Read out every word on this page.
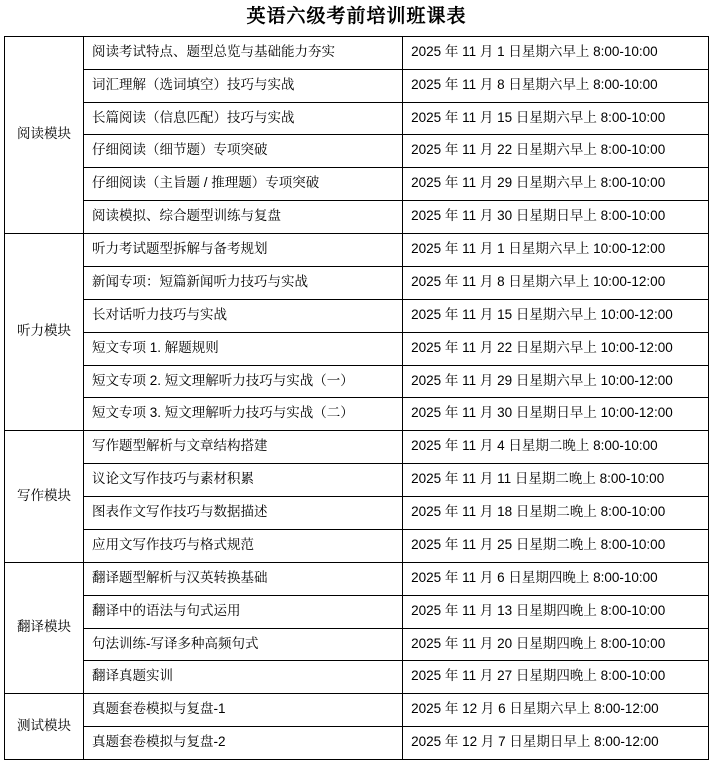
英语六级考前培训班课表
阅读模块	阅读考试特点、题型总览与基础能力夯实	2025 年 11 月 1 日星期六早上 8:00-10:00
	词汇理解（选词填空）技巧与实战	2025 年 11 月 8 日星期六早上 8:00-10:00
	长篇阅读（信息匹配）技巧与实战	2025 年 11 月 15 日星期六早上 8:00-10:00
	仔细阅读（细节题）专项突破	2025 年 11 月 22 日星期六早上 8:00-10:00
	仔细阅读（主旨题 / 推理题）专项突破	2025 年 11 月 29 日星期六早上 8:00-10:00
	阅读模拟、综合题型训练与复盘	2025 年 11 月 30 日星期日早上 8:00-10:00
听力模块	听力考试题型拆解与备考规划	2025 年 11 月 1 日星期六早上 10:00-12:00
	新闻专项：短篇新闻听力技巧与实战	2025 年 11 月 8 日星期六早上 10:00-12:00
	长对话听力技巧与实战	2025 年 11 月 15 日星期六早上 10:00-12:00
	短文专项 1. 解题规则	2025 年 11 月 22 日星期六早上 10:00-12:00
	短文专项 2. 短文理解听力技巧与实战（一）	2025 年 11 月 29 日星期六早上 10:00-12:00
	短文专项 3. 短文理解听力技巧与实战（二）	2025 年 11 月 30 日星期日早上 10:00-12:00
写作模块	写作题型解析与文章结构搭建	2025 年 11 月 4 日星期二晚上 8:00-10:00
	议论文写作技巧与素材积累	2025 年 11 月 11 日星期二晚上 8:00-10:00
	图表作文写作技巧与数据描述	2025 年 11 月 18 日星期二晚上 8:00-10:00
	应用文写作技巧与格式规范	2025 年 11 月 25 日星期二晚上 8:00-10:00
翻译模块	翻译题型解析与汉英转换基础	2025 年 11 月 6 日星期四晚上 8:00-10:00
	翻译中的语法与句式运用	2025 年 11 月 13 日星期四晚上 8:00-10:00
	句法训练-写译多种高频句式	2025 年 11 月 20 日星期四晚上 8:00-10:00
	翻译真题实训	2025 年 11 月 27 日星期四晚上 8:00-10:00
测试模块	真题套卷模拟与复盘-1	2025 年 12 月 6 日星期六早上 8:00-12:00
	真题套卷模拟与复盘-2	2025 年 12 月 7 日星期日早上 8:00-12:00
